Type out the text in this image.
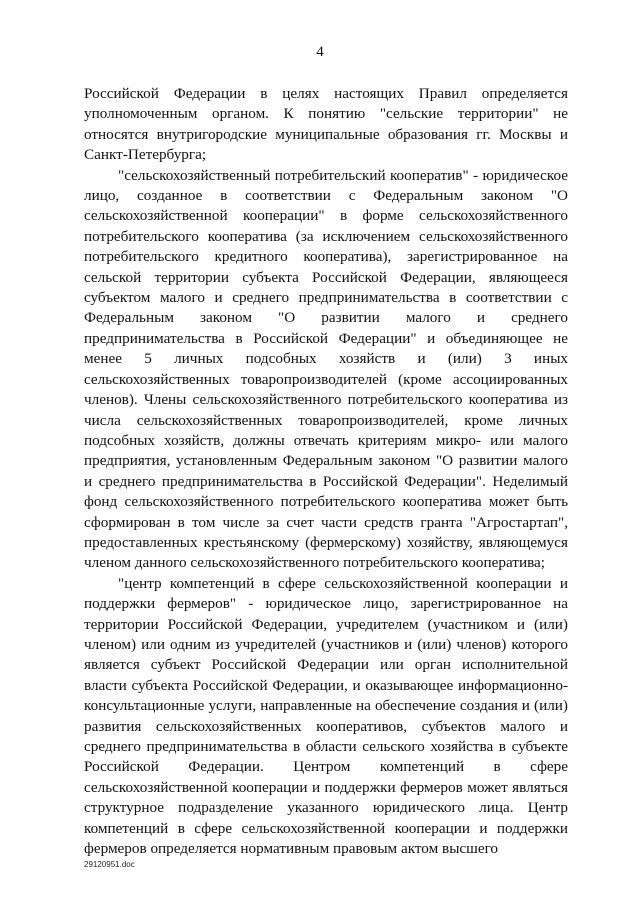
4

Российской Федерации в целях настоящих Правил определяется уполномоченным органом. К понятию "сельские территории" не относятся внутригородские муниципальные образования гг. Москвы и Санкт-Петербурга;

"сельскохозяйственный потребительский кооператив" - юридическое лицо, созданное в соответствии с Федеральным законом "О сельскохозяйственной кооперации" в форме сельскохозяйственного потребительского кооператива (за исключением сельскохозяйственного потребительского кредитного кооператива), зарегистрированное на сельской территории субъекта Российской Федерации, являющееся субъектом малого и среднего предпринимательства в соответствии с Федеральным законом "О развитии малого и среднего предпринимательства в Российской Федерации" и объединяющее не менее 5 личных подсобных хозяйств и (или) 3 иных сельскохозяйственных товаропроизводителей (кроме ассоциированных членов). Члены сельскохозяйственного потребительского кооператива из числа сельскохозяйственных товаропроизводителей, кроме личных подсобных хозяйств, должны отвечать критериям микро- или малого предприятия, установленным Федеральным законом "О развитии малого и среднего предпринимательства в Российской Федерации". Неделимый фонд сельскохозяйственного потребительского кооператива может быть сформирован в том числе за счет части средств гранта "Агростартап", предоставленных крестьянскому (фермерскому) хозяйству, являющемуся членом данного сельскохозяйственного потребительского кооператива;

"центр компетенций в сфере сельскохозяйственной кооперации и поддержки фермеров" - юридическое лицо, зарегистрированное на территории Российской Федерации, учредителем (участником и (или) членом) или одним из учредителей (участников и (или) членов) которого является субъект Российской Федерации или орган исполнительной власти субъекта Российской Федерации, и оказывающее информационно-консультационные услуги, направленные на обеспечение создания и (или) развития сельскохозяйственных кооперативов, субъектов малого и среднего предпринимательства в области сельского хозяйства в субъекте Российской Федерации. Центром компетенций в сфере сельскохозяйственной кооперации и поддержки фермеров может являться структурное подразделение указанного юридического лица. Центр компетенций в сфере сельскохозяйственной кооперации и поддержки фермеров определяется нормативным правовым актом высшего

29120951.doc
